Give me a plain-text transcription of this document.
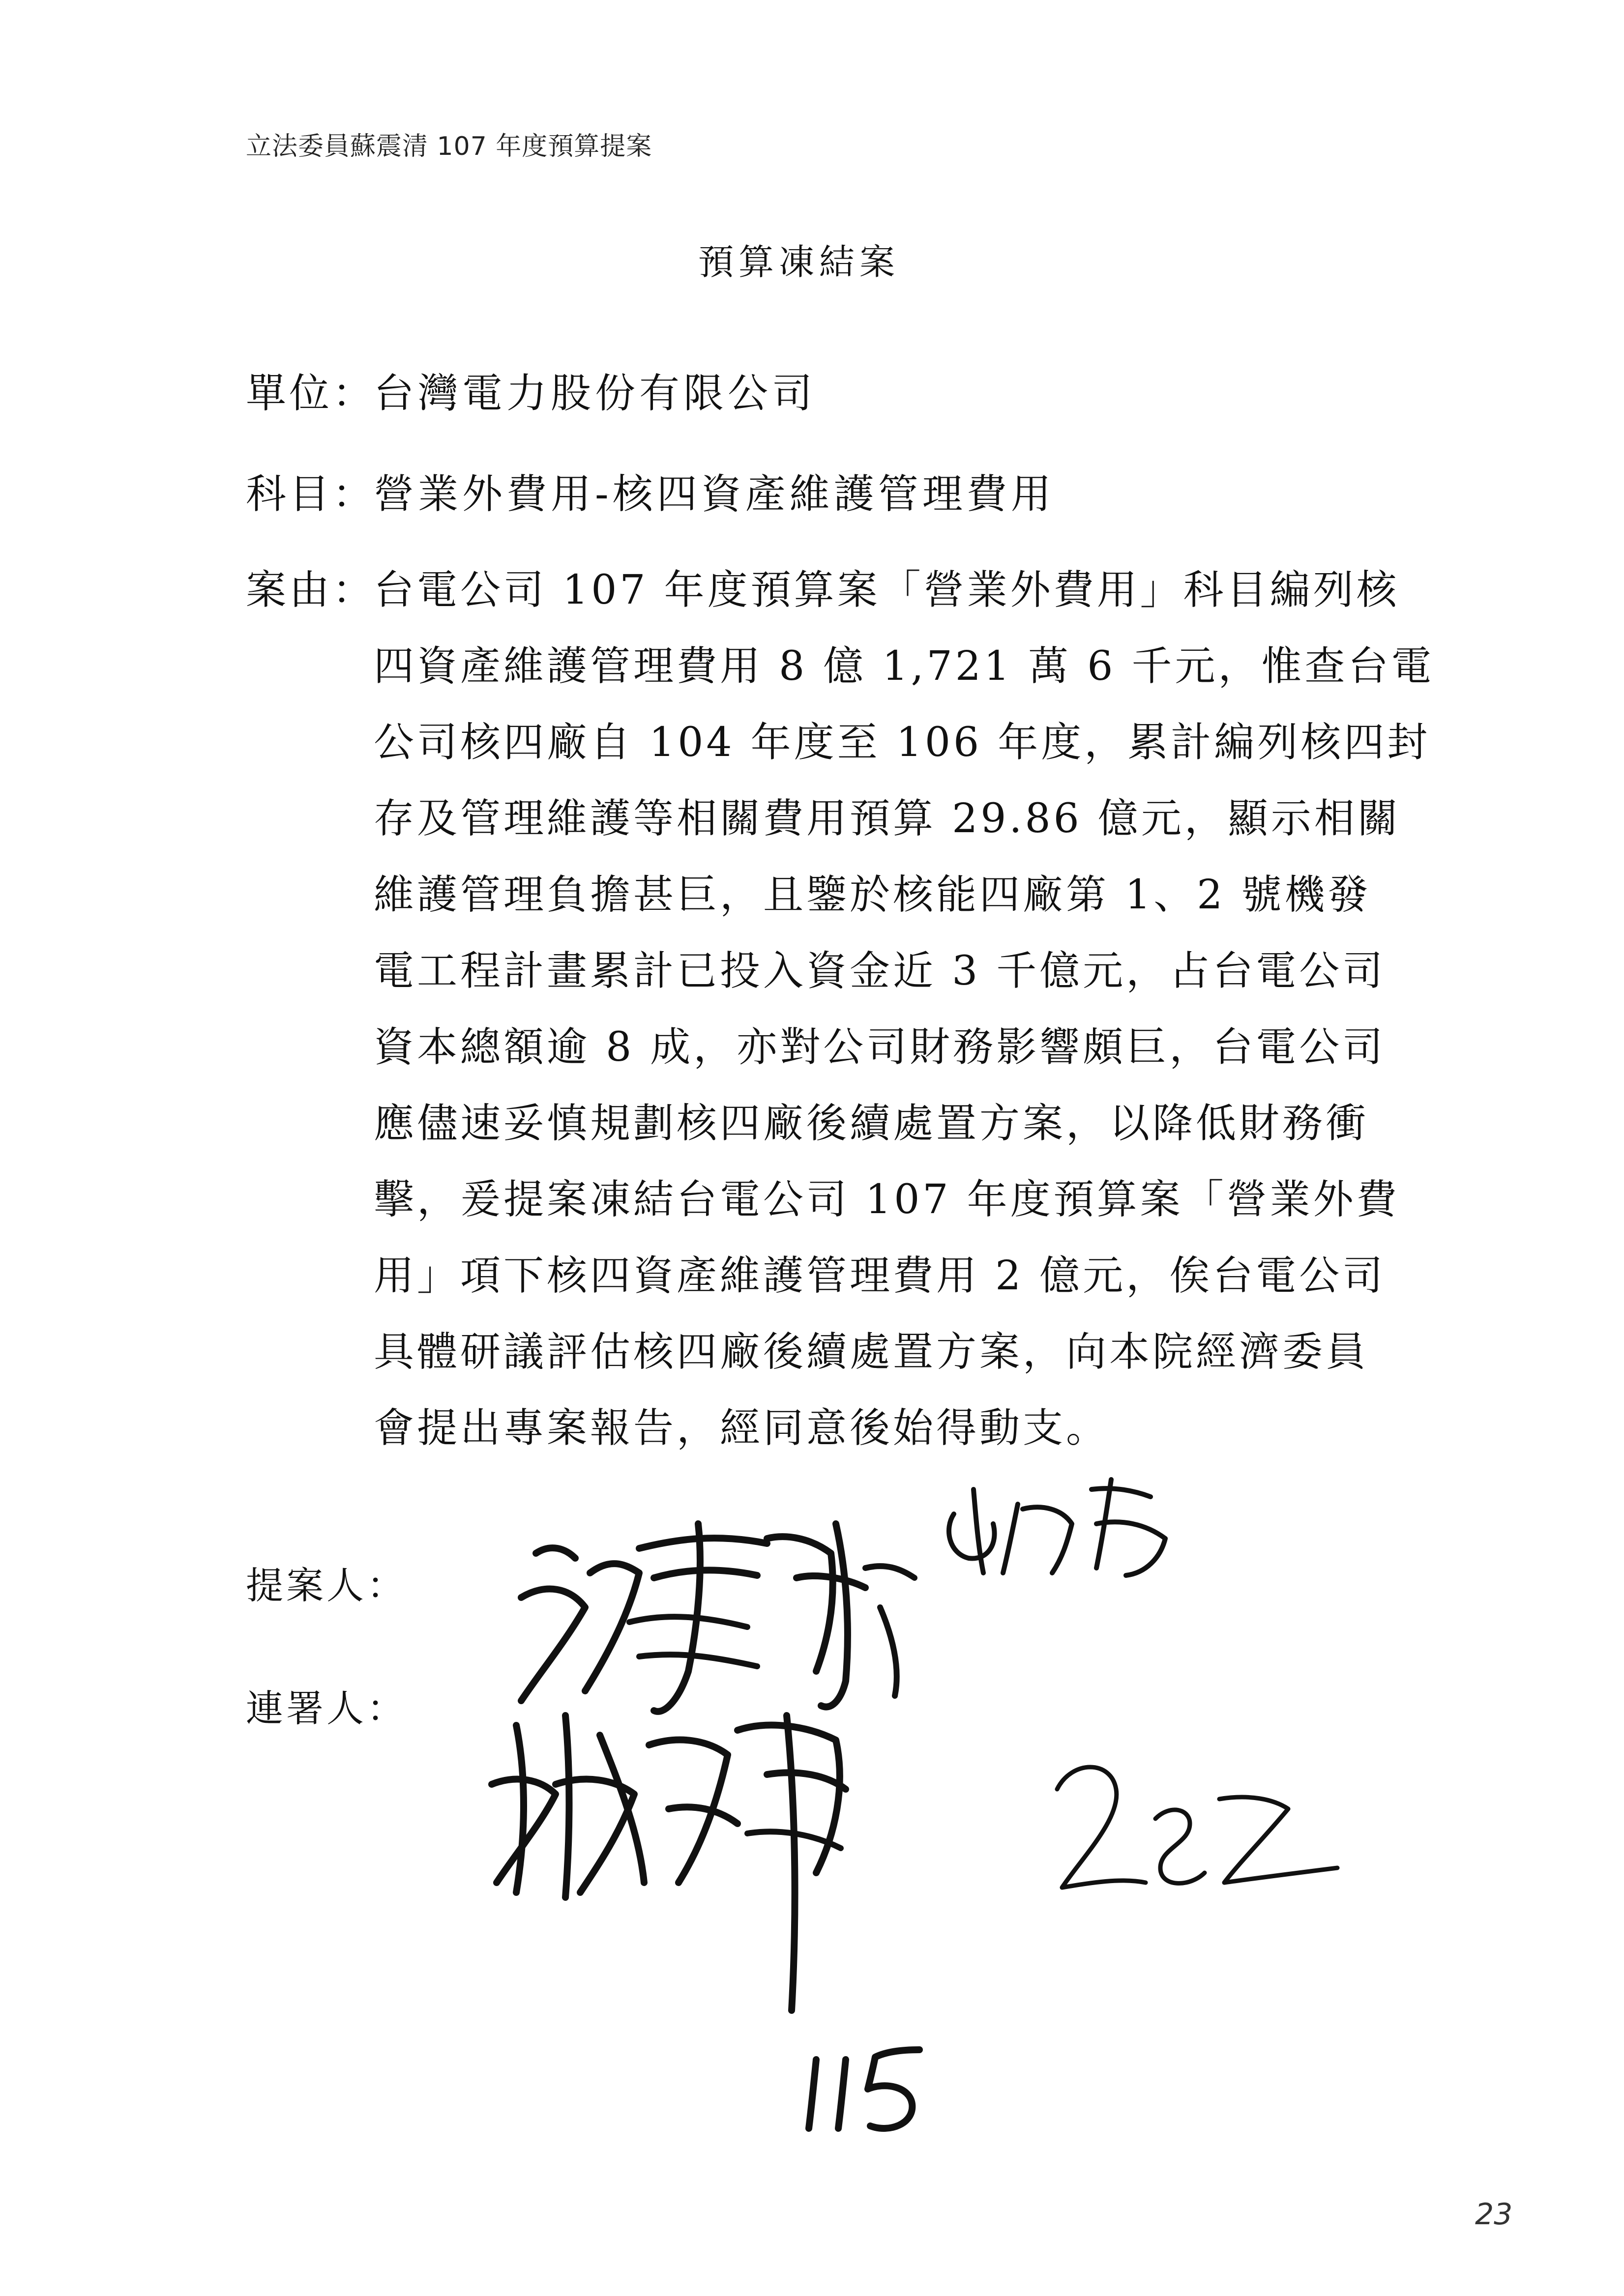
立法委員蘇震清 107 年度預算提案
預算凍結案
單位：
台灣電力股份有限公司
科目：
營業外費用-核四資產維護管理費用
案由：
台電公司 107 年度預算案「營業外費用」科目編列核
四資產維護管理費用 8 億 1,721 萬 6 千元，惟查台電
公司核四廠自 104 年度至 106 年度，累計編列核四封
存及管理維護等相關費用預算 29.86 億元，顯示相關
維護管理負擔甚巨，且鑒於核能四廠第 1、2 號機發
電工程計畫累計已投入資金近 3 千億元，占台電公司
資本總額逾 8 成，亦對公司財務影響頗巨，台電公司
應儘速妥慎規劃核四廠後續處置方案，以降低財務衝
擊，爰提案凍結台電公司 107 年度預算案「營業外費
用」項下核四資產維護管理費用 2 億元，俟台電公司
具體研議評估核四廠後續處置方案，向本院經濟委員
會提出專案報告，經同意後始得動支。
提案人：
連署人：
23
